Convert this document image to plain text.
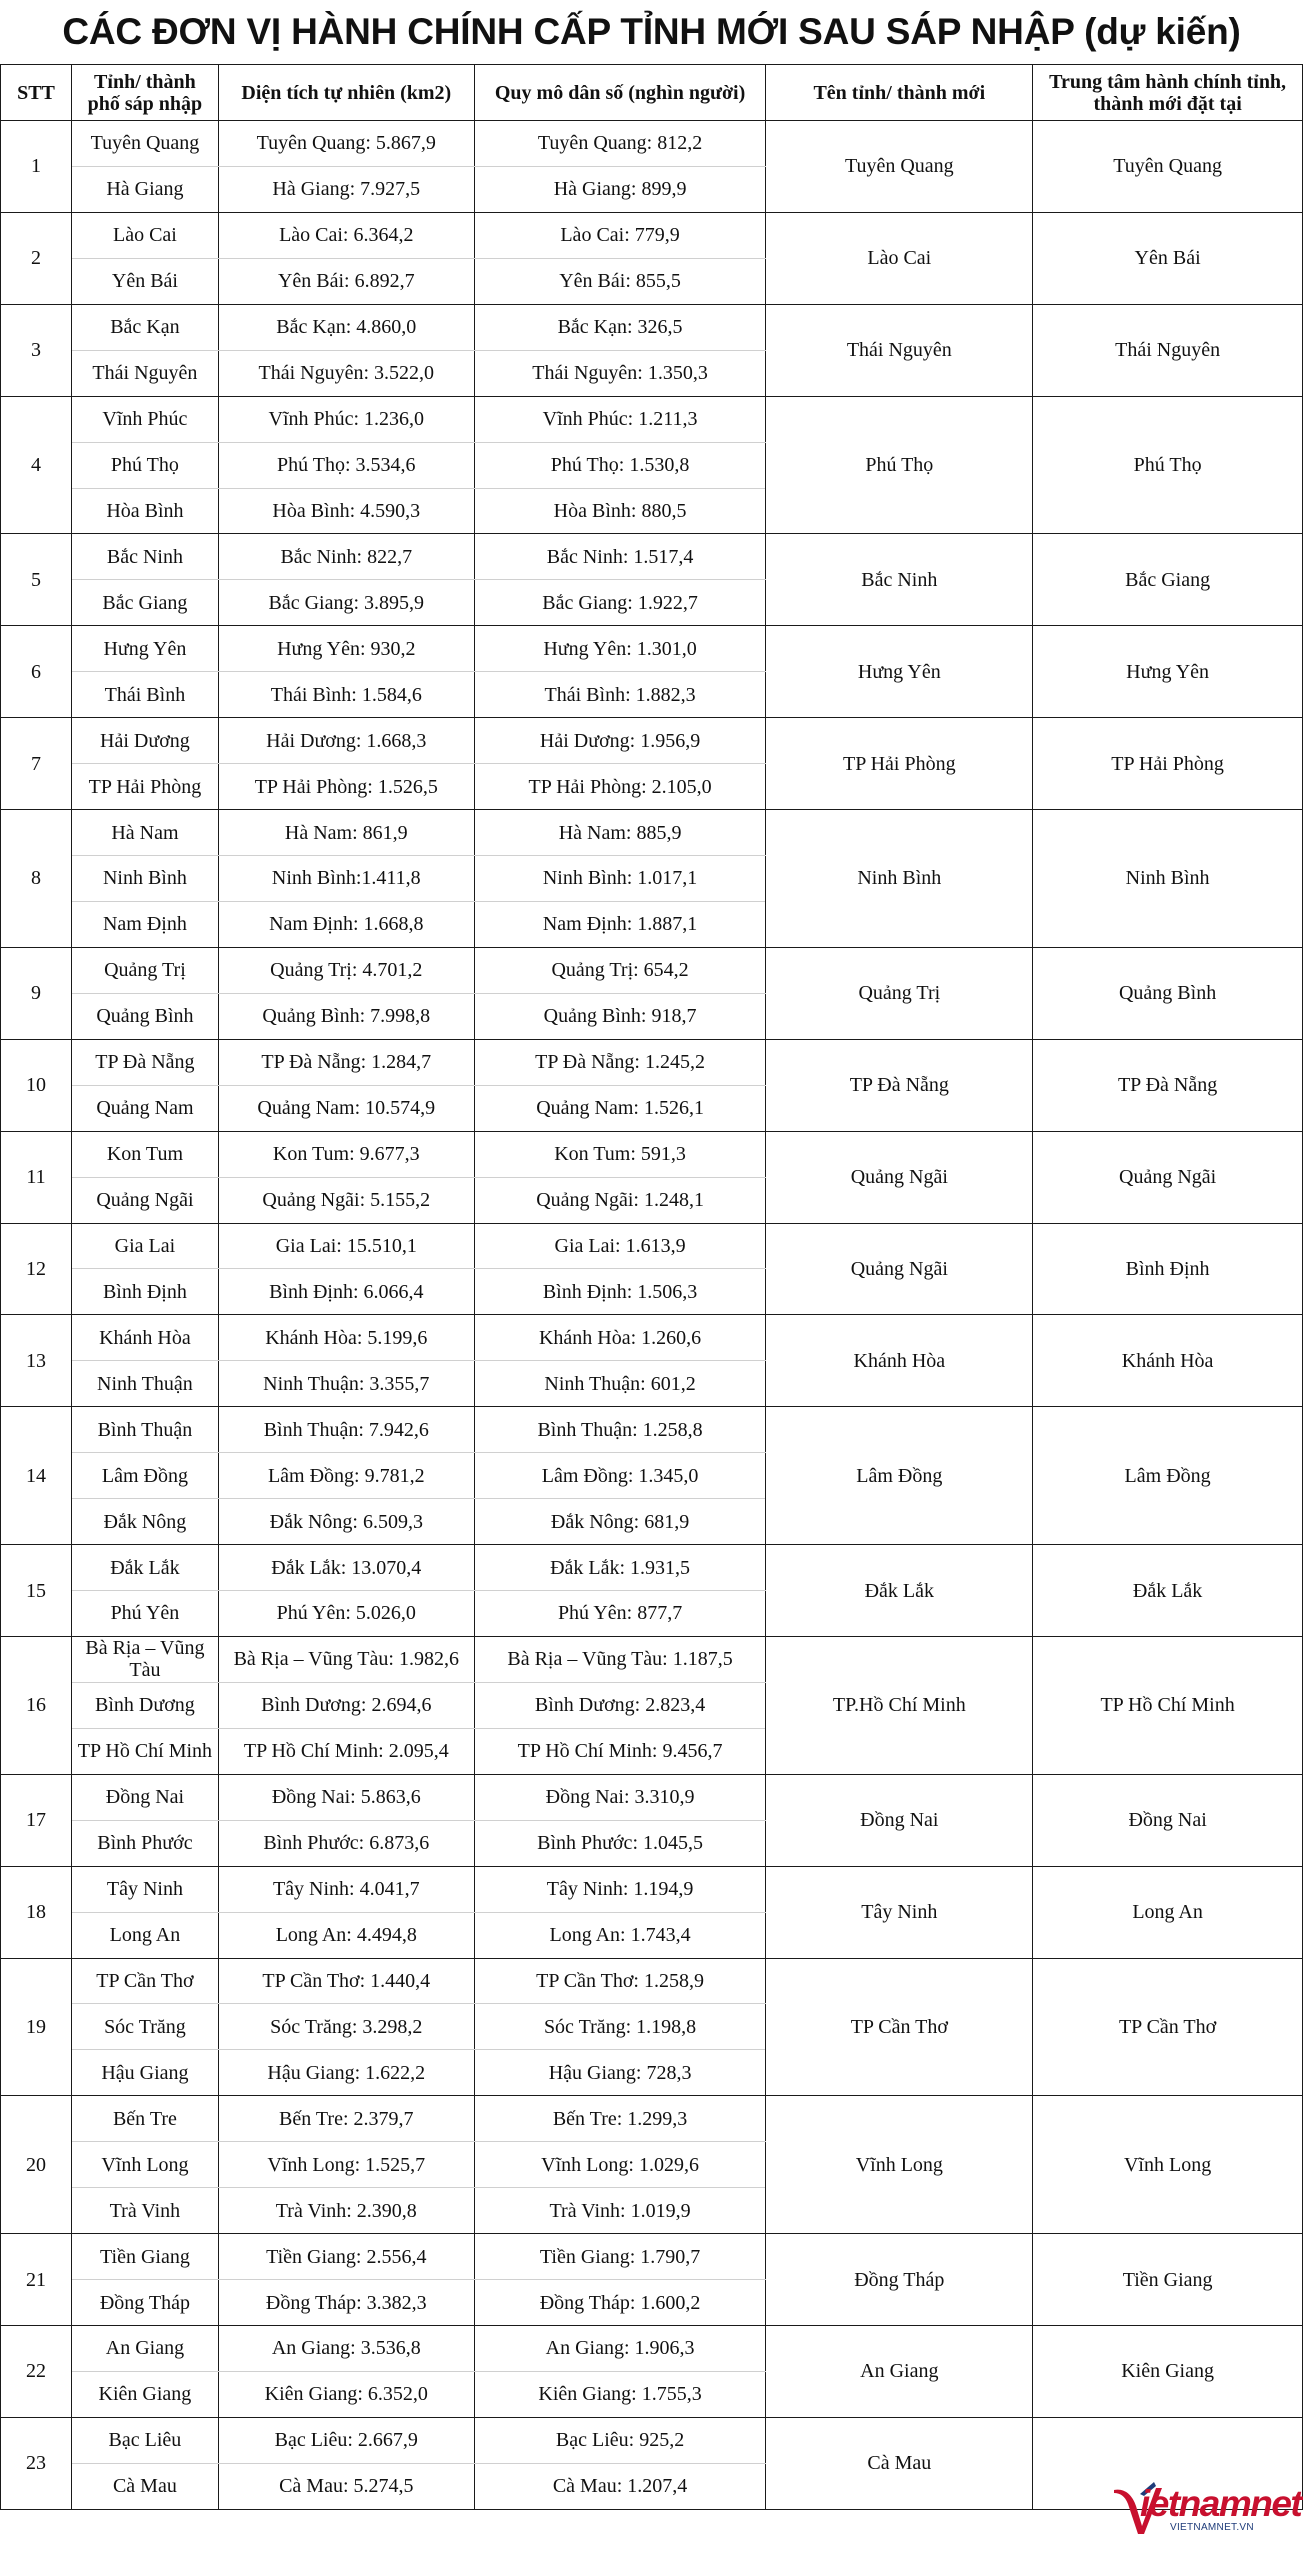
CÁC ĐƠN VỊ HÀNH CHÍNH CẤP TỈNH MỚI SAU SÁP NHẬP (dự kiến)
STT	Tỉnh/ thành phố sáp nhập	Diện tích tự nhiên (km2)	Quy mô dân số (nghìn người)	Tên tỉnh/ thành mới	Trung tâm hành chính tỉnh, thành mới đặt tại
1	Tuyên Quang	Tuyên Quang: 5.867,9	Tuyên Quang: 812,2	Tuyên Quang	Tuyên Quang
	Hà Giang	Hà Giang: 7.927,5	Hà Giang: 899,9		
2	Lào Cai	Lào Cai: 6.364,2	Lào Cai: 779,9	Lào Cai	Yên Bái
	Yên Bái	Yên Bái: 6.892,7	Yên Bái: 855,5		
3	Bắc Kạn	Bắc Kạn: 4.860,0	Bắc Kạn: 326,5	Thái Nguyên	Thái Nguyên
	Thái Nguyên	Thái Nguyên: 3.522,0	Thái Nguyên: 1.350,3		
4	Vĩnh Phúc	Vĩnh Phúc: 1.236,0	Vĩnh Phúc: 1.211,3	Phú Thọ	Phú Thọ
	Phú Thọ	Phú Thọ: 3.534,6	Phú Thọ: 1.530,8		
	Hòa Bình	Hòa Bình: 4.590,3	Hòa Bình: 880,5		
5	Bắc Ninh	Bắc Ninh: 822,7	Bắc Ninh: 1.517,4	Bắc Ninh	Bắc Giang
	Bắc Giang	Bắc Giang: 3.895,9	Bắc Giang: 1.922,7		
6	Hưng Yên	Hưng Yên: 930,2	Hưng Yên: 1.301,0	Hưng Yên	Hưng Yên
	Thái Bình	Thái Bình: 1.584,6	Thái Bình: 1.882,3		
7	Hải Dương	Hải Dương: 1.668,3	Hải Dương: 1.956,9	TP Hải Phòng	TP Hải Phòng
	TP Hải Phòng	TP Hải Phòng: 1.526,5	TP Hải Phòng: 2.105,0		
8	Hà Nam	Hà Nam: 861,9	Hà Nam: 885,9	Ninh Bình	Ninh Bình
	Ninh Bình	Ninh Bình:1.411,8	Ninh Bình: 1.017,1		
	Nam Định	Nam Định: 1.668,8	Nam Định: 1.887,1		
9	Quảng Trị	Quảng Trị: 4.701,2	Quảng Trị: 654,2	Quảng Trị	Quảng Bình
	Quảng Bình	Quảng Bình: 7.998,8	Quảng Bình: 918,7		
10	TP Đà Nẵng	TP Đà Nẵng: 1.284,7	TP Đà Nẵng: 1.245,2	TP Đà Nẵng	TP Đà Nẵng
	Quảng Nam	Quảng Nam: 10.574,9	Quảng Nam: 1.526,1		
11	Kon Tum	Kon Tum: 9.677,3	Kon Tum: 591,3	Quảng Ngãi	Quảng Ngãi
	Quảng Ngãi	Quảng Ngãi: 5.155,2	Quảng Ngãi: 1.248,1		
12	Gia Lai	Gia Lai: 15.510,1	Gia Lai: 1.613,9	Quảng Ngãi	Bình Định
	Bình Định	Bình Định: 6.066,4	Bình Định: 1.506,3		
13	Khánh Hòa	Khánh Hòa: 5.199,6	Khánh Hòa: 1.260,6	Khánh Hòa	Khánh Hòa
	Ninh Thuận	Ninh Thuận: 3.355,7	Ninh Thuận: 601,2		
14	Bình Thuận	Bình Thuận: 7.942,6	Bình Thuận: 1.258,8	Lâm Đồng	Lâm Đồng
	Lâm Đồng	Lâm Đồng: 9.781,2	Lâm Đồng: 1.345,0		
	Đắk Nông	Đắk Nông: 6.509,3	Đắk Nông: 681,9		
15	Đắk Lắk	Đắk Lắk: 13.070,4	Đắk Lắk: 1.931,5	Đắk Lắk	Đắk Lắk
	Phú Yên	Phú Yên: 5.026,0	Phú Yên: 877,7		
16	Bà Rịa – Vũng Tàu	Bà Rịa – Vũng Tàu: 1.982,6	Bà Rịa – Vũng Tàu: 1.187,5	TP.Hồ Chí Minh	TP Hồ Chí Minh
	Bình Dương	Bình Dương: 2.694,6	Bình Dương: 2.823,4		
	TP Hồ Chí Minh	TP Hồ Chí Minh: 2.095,4	TP Hồ Chí Minh: 9.456,7		
17	Đồng Nai	Đồng Nai: 5.863,6	Đồng Nai: 3.310,9	Đồng Nai	Đồng Nai
	Bình Phước	Bình Phước: 6.873,6	Bình Phước: 1.045,5		
18	Tây Ninh	Tây Ninh: 4.041,7	Tây Ninh: 1.194,9	Tây Ninh	Long An
	Long An	Long An: 4.494,8	Long An: 1.743,4		
19	TP Cần Thơ	TP Cần Thơ: 1.440,4	TP Cần Thơ: 1.258,9	TP Cần Thơ	TP Cần Thơ
	Sóc Trăng	Sóc Trăng: 3.298,2	Sóc Trăng: 1.198,8		
	Hậu Giang	Hậu Giang: 1.622,2	Hậu Giang: 728,3		
20	Bến Tre	Bến Tre: 2.379,7	Bến Tre: 1.299,3	Vĩnh Long	Vĩnh Long
	Vĩnh Long	Vĩnh Long: 1.525,7	Vĩnh Long: 1.029,6		
	Trà Vinh	Trà Vinh: 2.390,8	Trà Vinh: 1.019,9		
21	Tiền Giang	Tiền Giang: 2.556,4	Tiền Giang: 1.790,7	Đồng Tháp	Tiền Giang
	Đồng Tháp	Đồng Tháp: 3.382,3	Đồng Tháp: 1.600,2		
22	An Giang	An Giang: 3.536,8	An Giang: 1.906,3	An Giang	Kiên Giang
	Kiên Giang	Kiên Giang: 6.352,0	Kiên Giang: 1.755,3		
23	Bạc Liêu	Bạc Liêu: 2.667,9	Bạc Liêu: 925,2	Cà Mau	
	Cà Mau	Cà Mau: 5.274,5	Cà Mau: 1.207,4			ietnamnet
VIETNAMNET.VN
